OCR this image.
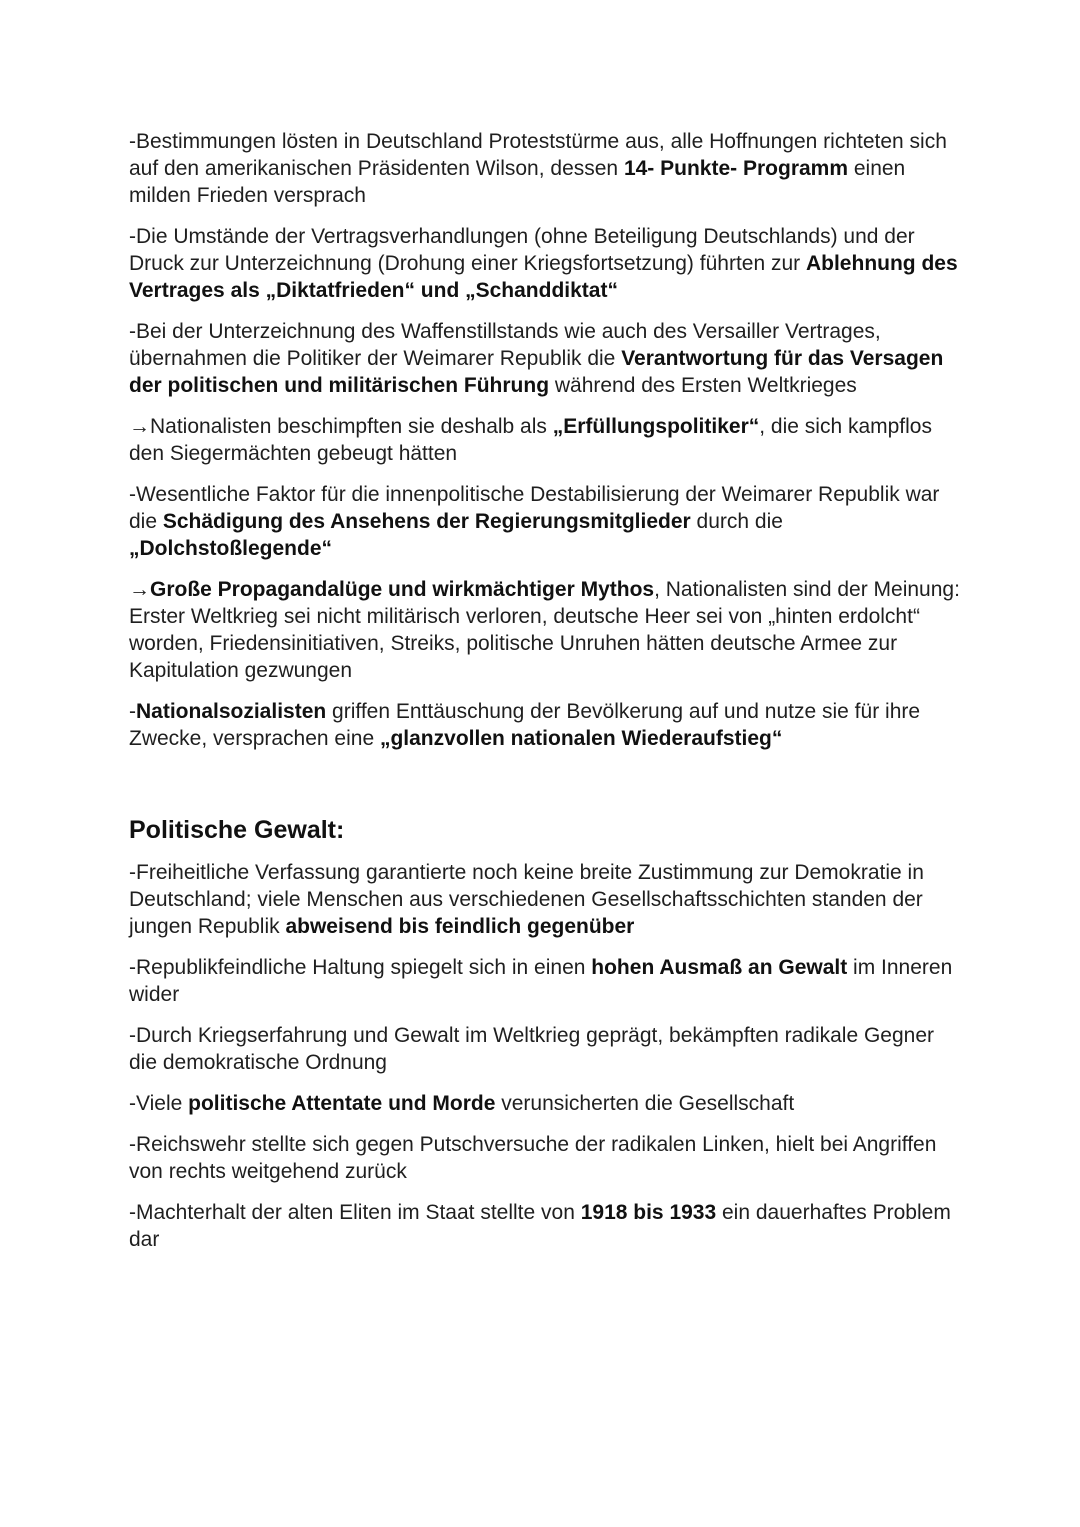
-Bestimmungen lösten in Deutschland Proteststürme aus, alle Hoffnungen richteten sich auf den amerikanischen Präsidenten Wilson, dessen 14- Punkte- Programm einen milden Frieden versprach

-Die Umstände der Vertragsverhandlungen (ohne Beteiligung Deutschlands) und der Druck zur Unterzeichnung (Drohung einer Kriegsfortsetzung) führten zur Ablehnung des Vertrages als „Diktatfrieden“ und „Schanddiktat“

-Bei der Unterzeichnung des Waffenstillstands wie auch des Versailler Vertrages, übernahmen die Politiker der Weimarer Republik die Verantwortung für das Versagen der politischen und militärischen Führung während des Ersten Weltkrieges

→Nationalisten beschimpften sie deshalb als „Erfüllungspolitiker“, die sich kampflos den Siegermächten gebeugt hätten

-Wesentliche Faktor für die innenpolitische Destabilisierung der Weimarer Republik war die Schädigung des Ansehens der Regierungsmitglieder durch die „Dolchstoßlegende“

→Große Propagandalüge und wirkmächtiger Mythos, Nationalisten sind der Meinung: Erster Weltkrieg sei nicht militärisch verloren, deutsche Heer sei von „hinten erdolcht“ worden, Friedensinitiativen, Streiks, politische Unruhen hätten deutsche Armee zur Kapitulation gezwungen

-Nationalsozialisten griffen Enttäuschung der Bevölkerung auf und nutze sie für ihre Zwecke, versprachen eine „glanzvollen nationalen Wiederaufstieg“

Politische Gewalt:

-Freiheitliche Verfassung garantierte noch keine breite Zustimmung zur Demokratie in Deutschland; viele Menschen aus verschiedenen Gesellschaftsschichten standen der jungen Republik abweisend bis feindlich gegenüber

-Republikfeindliche Haltung spiegelt sich in einen hohen Ausmaß an Gewalt im Inneren wider

-Durch Kriegserfahrung und Gewalt im Weltkrieg geprägt, bekämpften radikale Gegner die demokratische Ordnung

-Viele politische Attentate und Morde verunsicherten die Gesellschaft

-Reichswehr stellte sich gegen Putschversuche der radikalen Linken, hielt bei Angriffen von rechts weitgehend zurück

-Machterhalt der alten Eliten im Staat stellte von 1918 bis 1933 ein dauerhaftes Problem dar
